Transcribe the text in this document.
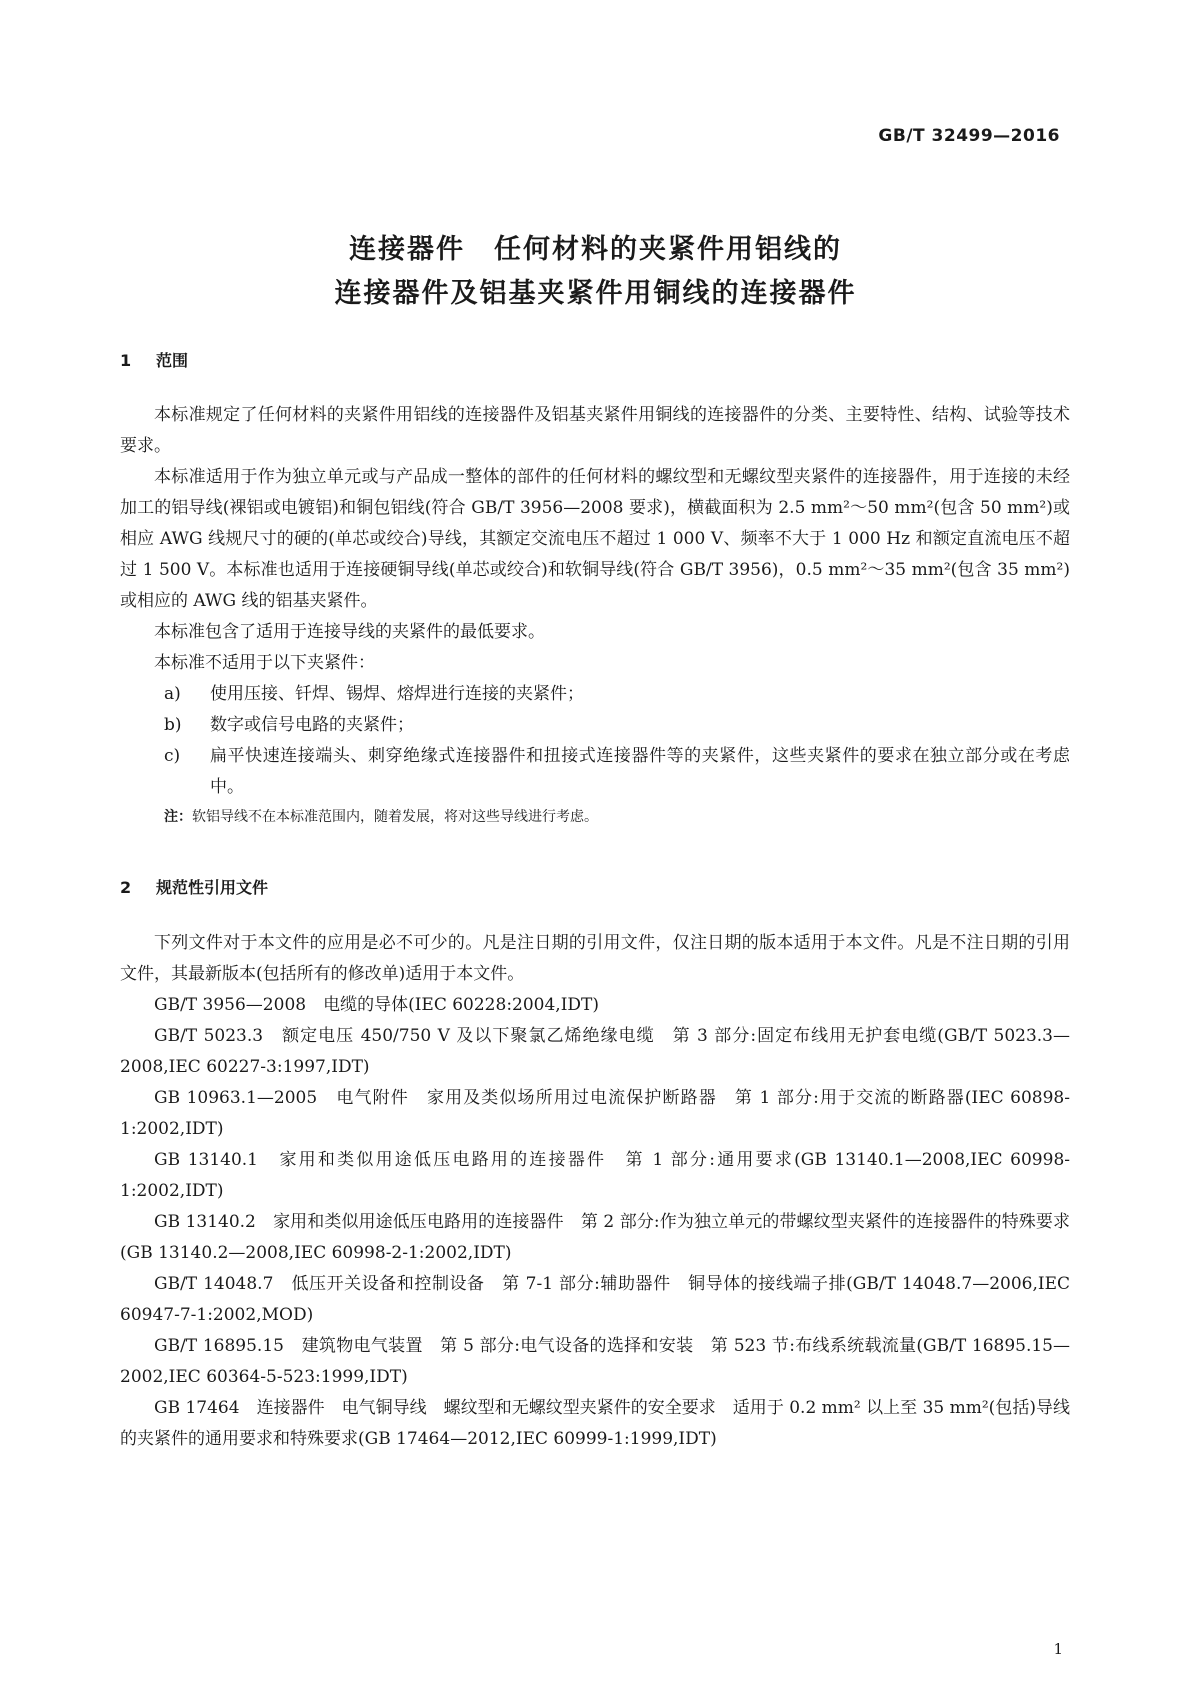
GB/T 32499—2016
连接器件　任何材料的夹紧件用铝线的
连接器件及铝基夹紧件用铜线的连接器件
1 范围

本标准规定了任何材料的夹紧件用铝线的连接器件及铝基夹紧件用铜线的连接器件的分类、主要特性、结构、试验等技术要求。

本标准适用于作为独立单元或与产品成一整体的部件的任何材料的螺纹型和无螺纹型夹紧件的连接器件，用于连接的未经加工的铝导线(裸铝或电镀铝)和铜包铝线(符合 GB/T 3956—2008 要求)，横截面积为 2.5 mm²～50 mm²(包含 50 mm²)或相应 AWG 线规尺寸的硬的(单芯或绞合)导线，其额定交流电压不超过 1 000 V、频率不大于 1 000 Hz 和额定直流电压不超过 1 500 V。本标准也适用于连接硬铜导线(单芯或绞合)和软铜导线(符合 GB/T 3956)，0.5 mm²～35 mm²(包含 35 mm²)或相应的 AWG 线的铝基夹紧件。

本标准包含了适用于连接导线的夹紧件的最低要求。

本标准不适用于以下夹紧件：

a)	使用压接、钎焊、锡焊、熔焊进行连接的夹紧件；
b)	数字或信号电路的夹紧件；
c)	扁平快速连接端头、刺穿绝缘式连接器件和扭接式连接器件等的夹紧件，这些夹紧件的要求在独立部分或在考虑中。
注：软铝导线不在本标准范围内，随着发展，将对这些导线进行考虑。
2 规范性引用文件

下列文件对于本文件的应用是必不可少的。凡是注日期的引用文件，仅注日期的版本适用于本文件。凡是不注日期的引用文件，其最新版本(包括所有的修改单)适用于本文件。

GB/T 3956—2008　电缆的导体(IEC 60228:2004,IDT)

GB/T 5023.3　额定电压 450/750 V 及以下聚氯乙烯绝缘电缆　第 3 部分:固定布线用无护套电缆(GB/T 5023.3—2008,IEC 60227-3:1997,IDT)

GB 10963.1—2005　电气附件　家用及类似场所用过电流保护断路器　第 1 部分:用于交流的断路器(IEC 60898-1:2002,IDT)

GB 13140.1　家用和类似用途低压电路用的连接器件　第 1 部分:通用要求(GB 13140.1—2008,IEC 60998-1:2002,IDT)

GB 13140.2　家用和类似用途低压电路用的连接器件　第 2 部分:作为独立单元的带螺纹型夹紧件的连接器件的特殊要求(GB 13140.2—2008,IEC 60998-2-1:2002,IDT)

GB/T 14048.7　低压开关设备和控制设备　第 7-1 部分:辅助器件　铜导体的接线端子排(GB/T 14048.7—2006,IEC 60947-7-1:2002,MOD)

GB/T 16895.15　建筑物电气装置　第 5 部分:电气设备的选择和安装　第 523 节:布线系统载流量(GB/T 16895.15—2002,IEC 60364-5-523:1999,IDT)

GB 17464　连接器件　电气铜导线　螺纹型和无螺纹型夹紧件的安全要求　适用于 0.2 mm² 以上至 35 mm²(包括)导线的夹紧件的通用要求和特殊要求(GB 17464—2012,IEC 60999-1:1999,IDT)

1
